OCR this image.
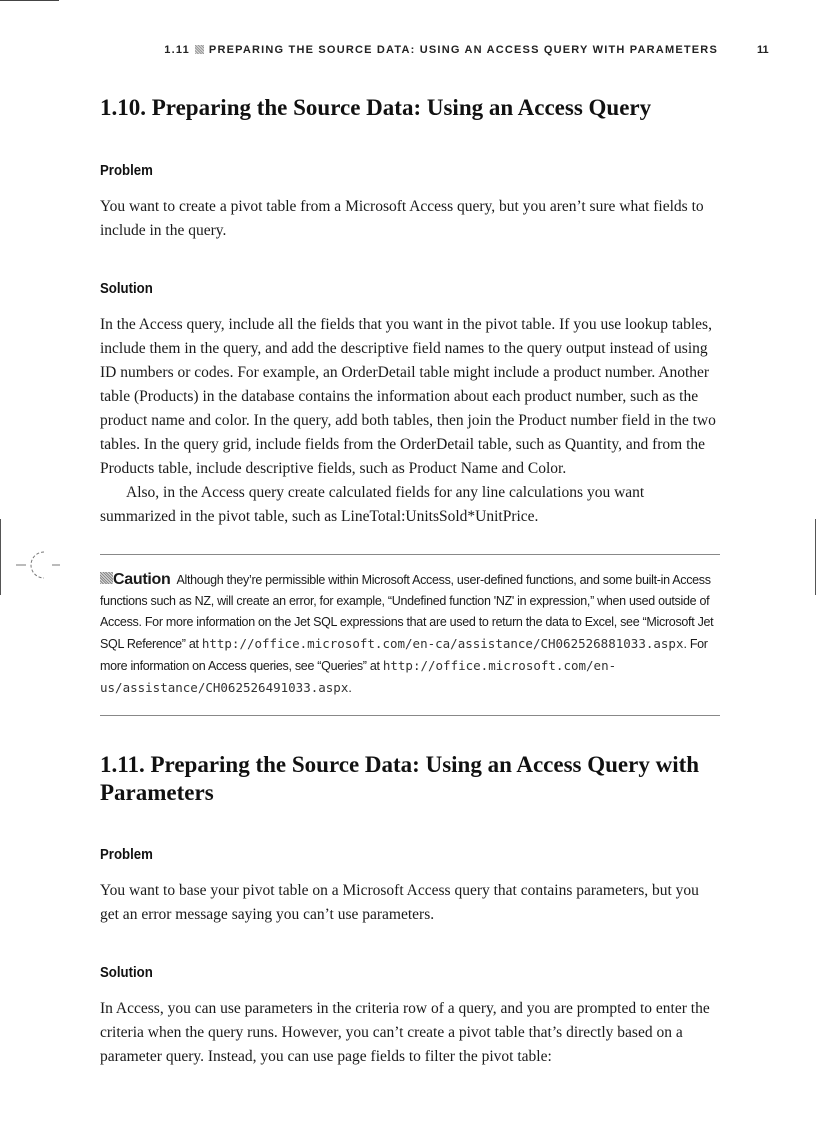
1.11 PREPARING THE SOURCE DATA: USING AN ACCESS QUERY WITH PARAMETERS	11
1.10. Preparing the Source Data: Using an Access Query
Problem

You want to create a pivot table from a Microsoft Access query, but you aren’t sure what fields to include in the query.

Solution

In the Access query, include all the fields that you want in the pivot table. If you use lookup tables, include them in the query, and add the descriptive field names to the query output instead of using ID numbers or codes. For example, an OrderDetail table might include a product number. Another table (Products) in the database contains the information about each product number, such as the product name and color. In the query, add both tables, then join the Product number field in the two tables. In the query grid, include fields from the OrderDetail table, such as Quantity, and from the Products table, include descriptive fields, such as Product Name and Color.

Also, in the Access query create calculated fields for any line calculations you want summarized in the pivot table, such as LineTotal:UnitsSold*UnitPrice.

Caution Although they’re permissible within Microsoft Access, user-defined functions, and some built-in Access functions such as NZ, will create an error, for example, “Undefined function 'NZ' in expression,” when used outside of Access. For more information on the Jet SQL expressions that are used to return the data to Excel, see “Microsoft Jet SQL Reference” at http://office.microsoft.com/en-ca/assistance/CH062526881033.aspx. For more information on Access queries, see “Queries” at http://office.microsoft.com/en-us/assistance/CH062526491033.aspx.
1.11. Preparing the Source Data: Using an Access Query with Parameters
Problem

You want to base your pivot table on a Microsoft Access query that contains parameters, but you get an error message saying you can’t use parameters.

Solution

In Access, you can use parameters in the criteria row of a query, and you are prompted to enter the criteria when the query runs. However, you can’t create a pivot table that’s directly based on a parameter query. Instead, you can use page fields to filter the pivot table:
